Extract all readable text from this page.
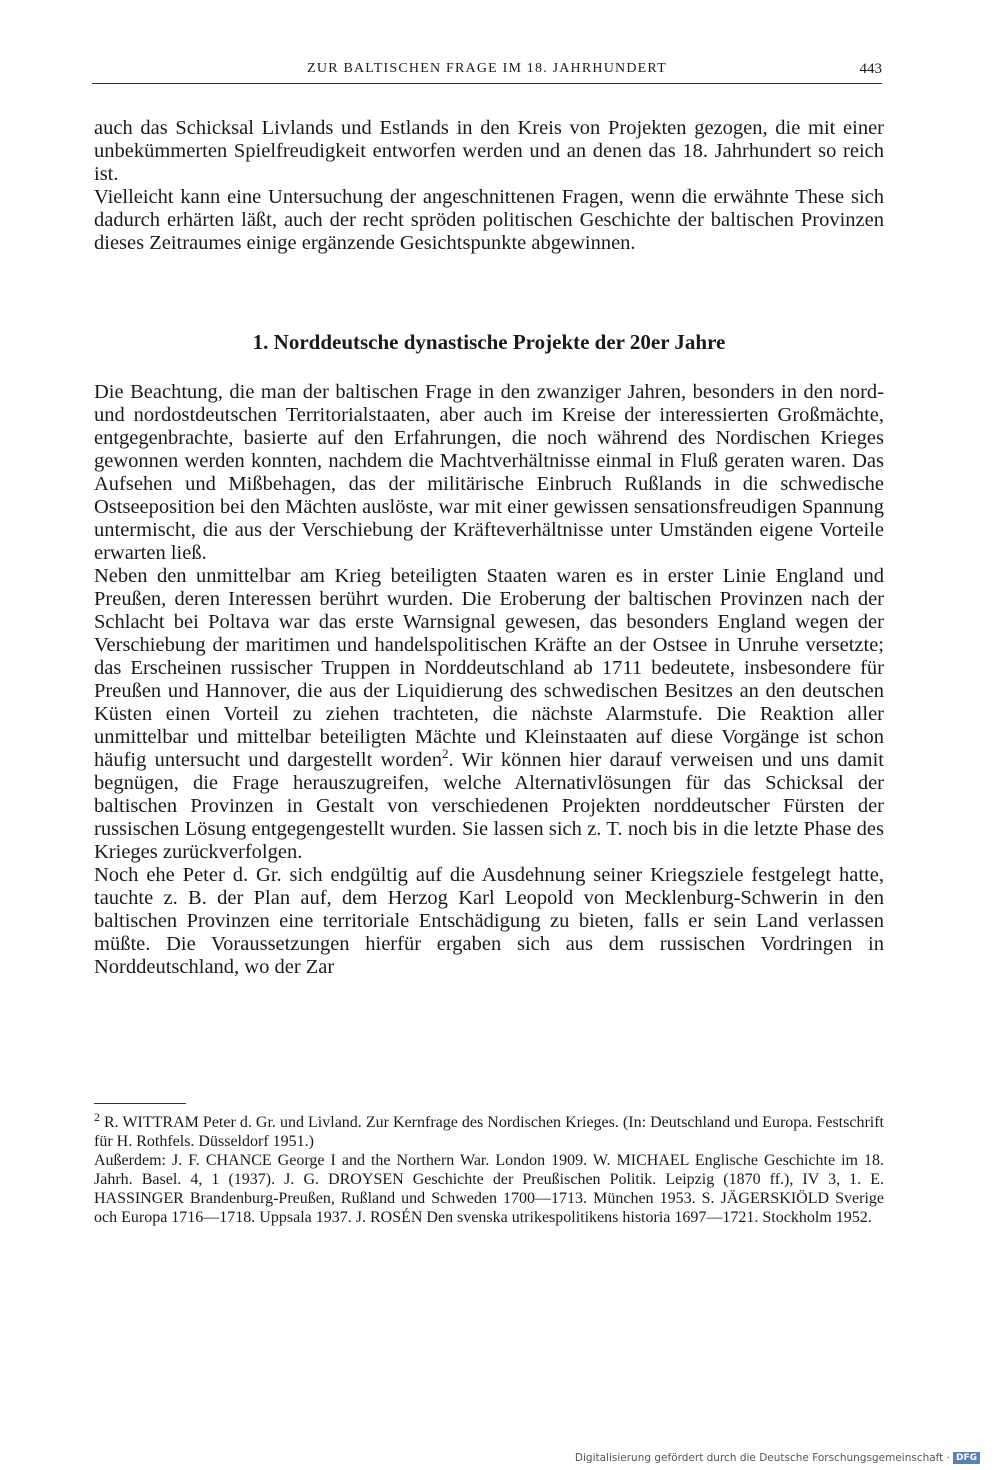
ZUR BALTISCHEN FRAGE IM 18. JAHRHUNDERT	443

auch das Schicksal Livlands und Estlands in den Kreis von Projekten gezogen, die mit einer unbekümmerten Spielfreudigkeit entworfen werden und an denen das 18. Jahrhundert so reich ist.

Vielleicht kann eine Untersuchung der angeschnittenen Fragen, wenn die erwähnte These sich dadurch erhärten läßt, auch der recht spröden politischen Geschichte der baltischen Provinzen dieses Zeitraumes einige ergänzende Gesichtspunkte abgewinnen.

1. Norddeutsche dynastische Projekte der 20er Jahre

Die Beachtung, die man der baltischen Frage in den zwanziger Jahren, besonders in den nord- und nordostdeutschen Territorialstaaten, aber auch im Kreise der interessierten Großmächte, entgegenbrachte, basierte auf den Erfahrungen, die noch während des Nordischen Krieges gewonnen werden konnten, nachdem die Machtverhältnisse einmal in Fluß geraten waren. Das Aufsehen und Mißbehagen, das der militärische Einbruch Rußlands in die schwedische Ostseeposition bei den Mächten auslöste, war mit einer gewissen sensationsfreudigen Spannung untermischt, die aus der Verschiebung der Kräfteverhältnisse unter Umständen eigene Vorteile erwarten ließ.

Neben den unmittelbar am Krieg beteiligten Staaten waren es in erster Linie England und Preußen, deren Interessen berührt wurden. Die Eroberung der baltischen Provinzen nach der Schlacht bei Poltava war das erste Warnsignal gewesen, das besonders England wegen der Verschiebung der maritimen und handelspolitischen Kräfte an der Ostsee in Unruhe versetzte; das Erscheinen russischer Truppen in Norddeutschland ab 1711 bedeutete, insbesondere für Preußen und Hannover, die aus der Liquidierung des schwedischen Besitzes an den deutschen Küsten einen Vorteil zu ziehen trachteten, die nächste Alarmstufe. Die Reaktion aller unmittelbar und mittelbar beteiligten Mächte und Kleinstaaten auf diese Vorgänge ist schon häufig untersucht und dargestellt worden$^2$. Wir können hier darauf verweisen und uns damit begnügen, die Frage herauszugreifen, welche Alternativlösungen für das Schicksal der baltischen Provinzen in Gestalt von verschiedenen Projekten norddeutscher Fürsten der russischen Lösung entgegengestellt wurden. Sie lassen sich z. T. noch bis in die letzte Phase des Krieges zurückverfolgen.

Noch ehe Peter d. Gr. sich endgültig auf die Ausdehnung seiner Kriegsziele festgelegt hatte, tauchte z. B. der Plan auf, dem Herzog Karl Leopold von Mecklenburg-Schwerin in den baltischen Provinzen eine territoriale Entschädigung zu bieten, falls er sein Land verlassen müßte. Die Voraussetzungen hierfür ergaben sich aus dem russischen Vordringen in Norddeutschland, wo der Zar

$^2$ R. WITTRAM Peter d. Gr. und Livland. Zur Kernfrage des Nordischen Krieges. (In: Deutschland und Europa. Festschrift für H. Rothfels. Düsseldorf 1951.)

Außerdem: J. F. CHANCE George I and the Northern War. London 1909. W. MICHAEL Englische Geschichte im 18. Jahrh. Basel. 4, 1 (1937). J. G. DROYSEN Geschichte der Preußischen Politik. Leipzig (1870 ff.), IV 3, 1. E. HASSINGER Brandenburg-Preußen, Rußland und Schweden 1700—1713. München 1953. S. JÄGERSKIÖLD Sverige och Europa 1716—1718. Uppsala 1937. J. ROSÉN Den svenska utrikespolitikens historia 1697—1721. Stockholm 1952.

Digitalisierung gefördert durch die Deutsche Forschungsgemeinschaft · DFG
